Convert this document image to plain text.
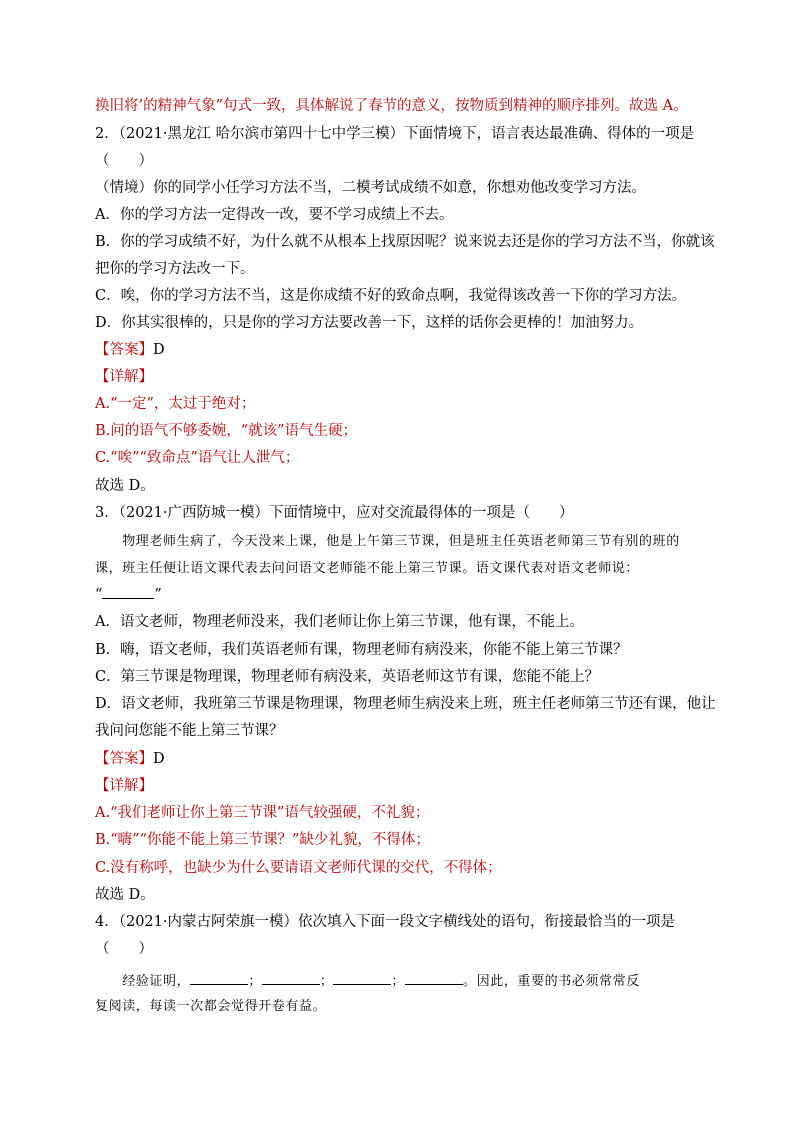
换旧将’的精神气象”句式一致，具体解说了春节的意义，按物质到精神的顺序排列。故选 A。
2．（2021·黑龙江 哈尔滨市第四十七中学三模）下面情境下，语言表达最准确、得体的一项是
（　　）
（情境）你的同学小任学习方法不当，二模考试成绩不如意，你想劝他改变学习方法。
A．你的学习方法一定得改一改，要不学习成绩上不去。
B．你的学习成绩不好，为什么就不从根本上找原因呢？说来说去还是你的学习方法不当，你就该
把你的学习方法改一下。
C．唉，你的学习方法不当，这是你成绩不好的致命点啊，我觉得该改善一下你的学习方法。
D．你其实很棒的，只是你的学习方法要改善一下，这样的话你会更棒的！加油努力。
【答案】D
【详解】
A.“一定”，太过于绝对；
B.问的语气不够委婉，“就该”语气生硬；
C.“唉”“致命点”语气让人泄气；
故选 D。
3．（2021·广西防城一模）下面情境中，应对交流最得体的一项是（　　）
　　物理老师生病了，今天没来上课，他是上午第三节课，但是班主任英语老师第三节有别的班的
课，班主任便让语文课代表去问问语文老师能不能上第三节课。语文课代表对语文老师说：
“	”
A．语文老师，物理老师没来，我们老师让你上第三节课，他有课，不能上。
B．嗨，语文老师，我们英语老师有课，物理老师有病没来，你能不能上第三节课？
C．第三节课是物理课，物理老师有病没来，英语老师这节有课，您能不能上？
D．语文老师，我班第三节课是物理课，物理老师生病没来上班，班主任老师第三节还有课，他让
我问问您能不能上第三节课？
【答案】D
【详解】
A.“我们老师让你上第三节课”语气较强硬，不礼貌；
B.“嗨”“你能不能上第三节课？”缺少礼貌，不得体；
C.没有称呼，也缺少为什么要请语文老师代课的交代，不得体；
故选 D。
4．（2021·内蒙古阿荣旗一模）依次填入下面一段文字横线处的语句，衔接最恰当的一项是
（　　）
　　经验证明，	；	；	；	。因此，重要的书必须常常反
复阅读，每读一次都会觉得开卷有益。
